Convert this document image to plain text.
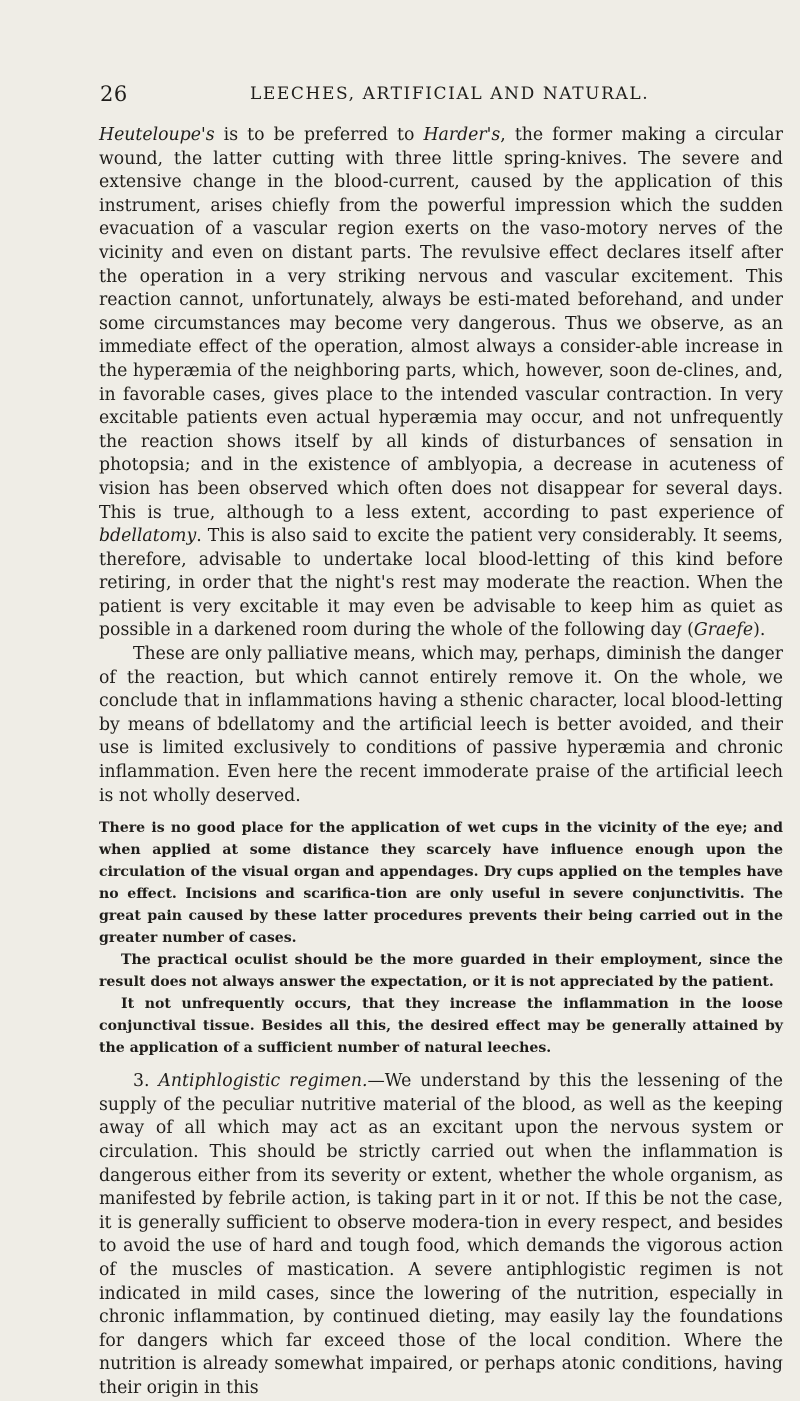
26	LEECHES, ARTIFICIAL AND NATURAL.

Heuteloupe's is to be preferred to Harder's, the former making a circular wound, the latter cutting with three little spring-knives. The severe and extensive change in the blood-current, caused by the application of this instrument, arises chiefly from the powerful impression which the sudden evacuation of a vascular region exerts on the vaso-motory nerves of the vicinity and even on distant parts. The revulsive effect declares itself after the operation in a very striking nervous and vascular excitement. This reaction cannot, unfortunately, always be esti-mated beforehand, and under some circumstances may become very dangerous. Thus we observe, as an immediate effect of the operation, almost always a consider-able increase in the hyperæmia of the neighboring parts, which, however, soon de-clines, and, in favorable cases, gives place to the intended vascular contraction. In very excitable patients even actual hyperæmia may occur, and not unfrequently the reaction shows itself by all kinds of disturbances of sensation in photopsia; and in the existence of amblyopia, a decrease in acuteness of vision has been observed which often does not disappear for several days. This is true, although to a less extent, according to past experience of bdellatomy. This is also said to excite the patient very considerably. It seems, therefore, advisable to undertake local blood-letting of this kind before retiring, in order that the night's rest may moderate the reaction. When the patient is very excitable it may even be advisable to keep him as quiet as possible in a darkened room during the whole of the following day (Graefe).

These are only palliative means, which may, perhaps, diminish the danger of the reaction, but which cannot entirely remove it. On the whole, we conclude that in inflammations having a sthenic character, local blood-letting by means of bdellatomy and the artificial leech is better avoided, and their use is limited exclusively to conditions of passive hyperæmia and chronic inflammation. Even here the recent immoderate praise of the artificial leech is not wholly deserved.

There is no good place for the application of wet cups in the vicinity of the eye; and when applied at some distance they scarcely have influence enough upon the circulation of the visual organ and appendages. Dry cups applied on the temples have no effect. Incisions and scarifica-tion are only useful in severe conjunctivitis. The great pain caused by these latter procedures prevents their being carried out in the greater number of cases.

The practical oculist should be the more guarded in their employment, since the result does not always answer the expectation, or it is not appreciated by the patient.

It not unfrequently occurs, that they increase the inflammation in the loose conjunctival tissue. Besides all this, the desired effect may be generally attained by the application of a sufficient number of natural leeches.

3. Antiphlogistic regimen.—We understand by this the lessening of the supply of the peculiar nutritive material of the blood, as well as the keeping away of all which may act as an excitant upon the nervous system or circulation. This should be strictly carried out when the inflammation is dangerous either from its severity or extent, whether the whole organism, as manifested by febrile action, is taking part in it or not. If this be not the case, it is generally sufficient to observe modera-tion in every respect, and besides to avoid the use of hard and tough food, which demands the vigorous action of the muscles of mastication. A severe antiphlogistic regimen is not indicated in mild cases, since the lowering of the nutrition, especially in chronic inflammation, by continued dieting, may easily lay the foundations for dangers which far exceed those of the local condition. Where the nutrition is already somewhat impaired, or perhaps atonic conditions, having their origin in this
